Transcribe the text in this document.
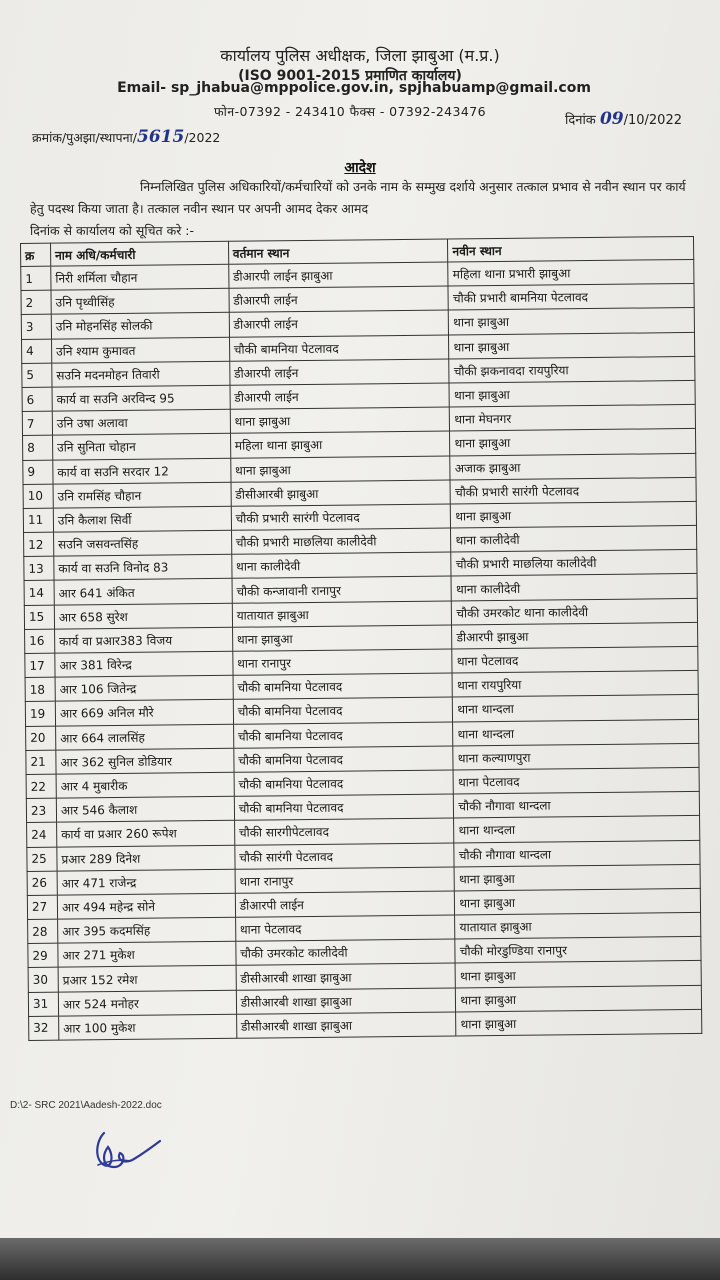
कार्यालय पुलिस अधीक्षक, जिला झाबुआ (म.प्र.)
(ISO 9001-2015 प्रमाणित कार्यालय)
Email- sp_jhabua@mppolice.gov.in, spjhabuamp@gmail.com
फोन-07392 - 243410 फैक्स - 07392-243476
क्रमांक/पुअझा/स्थापना/5615/2022
दिनांक 09/10/2022
आदेश
निम्नलिखित पुलिस अधिकारियों/कर्मचारियों को उनके नाम के सम्मुख दर्शाये अनुसार तत्काल प्रभाव से नवीन स्थान पर कार्य हेतु पदस्थ किया जाता है। तत्काल नवीन स्थान पर अपनी आमद देकर आमद
दिनांक से कार्यालय को सूचित करे :-
क्र	नाम अधि/कर्मचारी	वर्तमान स्थान	नवीन स्थान
1	निरी शर्मिला चौहान	डीआरपी लाईन झाबुआ	महिला थाना प्रभारी झाबुआ
2	उनि पृथ्वीसिंह	डीआरपी लाईन	चौकी प्रभारी बामनिया पेटलावद
3	उनि मोहनसिंह सोलकी	डीआरपी लाईन	थाना झाबुआ
4	उनि श्याम कुमावत	चौकी बामनिया पेटलावद	थाना झाबुआ
5	सउनि मदनमोहन तिवारी	डीआरपी लाईन	चौकी झकनावदा रायपुरिया
6	कार्य वा सउनि अरविन्द 95	डीआरपी लाईन	थाना झाबुआ
7	उनि उषा अलावा	थाना झाबुआ	थाना मेघनगर
8	उनि सुनिता चोहान	महिला थाना झाबुआ	थाना झाबुआ
9	कार्य वा सउनि सरदार 12	थाना झाबुआ	अजाक झाबुआ
10	उनि रामसिंह चौहान	डीसीआरबी झाबुआ	चौकी प्रभारी सारंगी पेटलावद
11	उनि कैलाश सिर्वी	चौकी प्रभारी सारंगी पेटलावद	थाना झाबुआ
12	सउनि जसवन्तसिंह	चौकी प्रभारी माछलिया कालीदेवी	थाना कालीदेवी
13	कार्य वा सउनि विनोद 83	थाना कालीदेवी	चौकी प्रभारी माछलिया कालीदेवी
14	आर 641 अंकित	चौकी कन्जावानी रानापुर	थाना कालीदेवी
15	आर 658 सुरेश	यातायात झाबुआ	चौकी उमरकोट थाना कालीदेवी
16	कार्य वा प्रआर383 विजय	थाना झाबुआ	डीआरपी झाबुआ
17	आर 381 विरेन्द्र	थाना रानापुर	थाना पेटलावद
18	आर 106 जितेन्द्र	चौकी बामनिया पेटलावद	थाना रायपुरिया
19	आर 669 अनिल मौरे	चौकी बामनिया पेटलावद	थाना थान्दला
20	आर 664 लालसिंह	चौकी बामनिया पेटलावद	थाना थान्दला
21	आर 362 सुनिल डोडियार	चौकी बामनिया पेटलावद	थाना कल्याणपुरा
22	आर 4 मुबारीक	चौकी बामनिया पेटलावद	थाना पेटलावद
23	आर 546 कैलाश	चौकी बामनिया पेटलावद	चौकी नौगावा थान्दला
24	कार्य वा प्रआर 260 रूपेश	चौकी सारगीपेटलावद	थाना थान्दला
25	प्रआर 289 दिनेश	चौकी सारंगी पेटलावद	चौकी नौगावा थान्दला
26	आर 471 राजेन्द्र	थाना रानापुर	थाना झाबुआ
27	आर 494 महेन्द्र सोने	डीआरपी लाईन	थाना झाबुआ
28	आर 395 कदमसिंह	थाना पेटलावद	यातायात झाबुआ
29	आर 271 मुकेश	चौकी उमरकोट कालीदेवी	चौकी मोरडुण्डिया रानापुर
30	प्रआर 152 रमेश	डीसीआरबी शाखा झाबुआ	थाना झाबुआ
31	आर 524 मनोहर	डीसीआरबी शाखा झाबुआ	थाना झाबुआ
32	आर 100 मुकेश	डीसीआरबी शाखा झाबुआ	थाना झाबुआ
D:\2- SRC 2021\Aadesh-2022.doc
